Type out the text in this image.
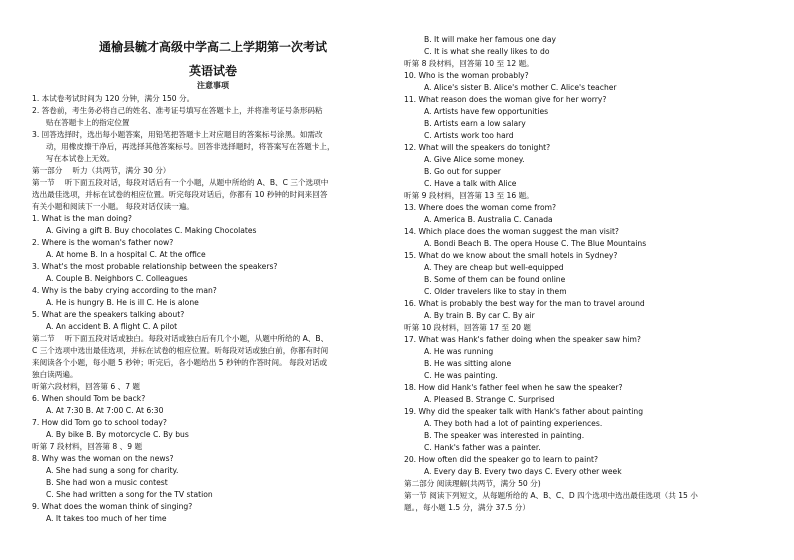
通榆县毓才高级中学高二上学期第一次考试
英语试卷
注意事项
1. 本试卷考试时间为 120 分钟，满分 150 分。
2. 答卷前，考生务必将自己的姓名、准考证号填写在答题卡上，并将准考证号条形码粘
贴在答题卡上的指定位置
3. 回答选择时，选出每小题答案，用铅笔把答题卡上对应题目的答案标号涂黑。如需改
动，用橡皮擦干净后，再选择其他答案标号。回答非选择题时，将答案写在答题卡上，
写在本试卷上无效。
第一部分　 听力（共两节，满分 30 分）
第一节　 听下面五段对话，每段对话后有一个小题，从题中所给的 A、B、C 三个选项中
选出最佳选项，并标在试卷的相应位置。听完每段对话后，你都有 10 秒钟的时间来回答
有关小题和阅读下一小题。 每段对话仅读一遍。
1. What is the man doing?
A. Giving a gift B. Buy chocolates C. Making Chocolates
2. Where is the woman's father now?
A. At home B. In a hospital C. At the office
3. What's the most probable relationship between the speakers?
A. Couple B. Neighbors C. Colleagues
4. Why is the baby crying according to the man?
A. He is hungry B. He is ill C. He is alone
5. What are the speakers talking about?
A. An accident B. A flight C. A pilot
第二节　 听下面五段对话或独白。每段对话或独白后有几个小题，从题中所给的 A、B、
C 三个选项中选出最佳选项，并标在试卷的相应位置。听每段对话或独白前，你都有时间
来阅读各个小题，每小题 5 秒钟；听完后，各小题给出 5 秒钟的作答时间。 每段对话或
独白读两遍。
听第六段材料，回答第 6 、7 题
6. When should Tom be back?
A. At 7:30 B. At 7:00 C. At 6:30
7. How did Tom go to school today?
A. By bike B. By motorcycle C. By bus
听第 7 段材料，回答第 8 、9 题
8. Why was the woman on the news?
A. She had sung a song for charity.
B. She had won a music contest
C. She had written a song for the TV station
9. What does the woman think of singing?
A. It takes too much of her time
B. It will make her famous one day
C. It is what she really likes to do
听第 8 段材料，回答第 10 至 12 题。
10. Who is the woman probably?
A. Alice's sister B. Alice's mother C. Alice's teacher
11. What reason does the woman give for her worry?
A. Artists have few opportunities
B. Artists earn a low salary
C. Artists work too hard
12. What will the speakers do tonight?
A. Give Alice some money.
B. Go out for supper
C. Have a talk with Alice
听第 9 段材料，回答第 13 至 16 题。
13. Where does the woman come from?
A. America B. Australia C. Canada
14. Which place does the woman suggest the man visit?
A. Bondi Beach B. The opera House C. The Blue Mountains
15. What do we know about the small hotels in Sydney?
A. They are cheap but well-equipped
B. Some of them can be found online
C. Older travelers like to stay in them
16. What is probably the best way for the man to travel around
A. By train B. By car C. By air
听第 10 段材料，回答第 17 至 20 题
17. What was Hank's father doing when the speaker saw him?
A. He was running
B. He was sitting alone
C. He was painting.
18. How did Hank's father feel when he saw the speaker?
A. Pleased B. Strange C. Surprised
19. Why did the speaker talk with Hank's father about painting
A. They both had a lot of painting experiences.
B. The speaker was interested in painting.
C. Hank's father was a painter.
20. How often did the speaker go to learn to paint?
A. Every day B. Every two days C. Every other week
第二部分 阅读理解(共两节，满分 50 分)
第一节 阅读下列短文，从每题所给的 A、B、C、D 四个选项中选出最佳选项（共 15 小
题。，每小题 1.5 分，满分 37.5 分）
